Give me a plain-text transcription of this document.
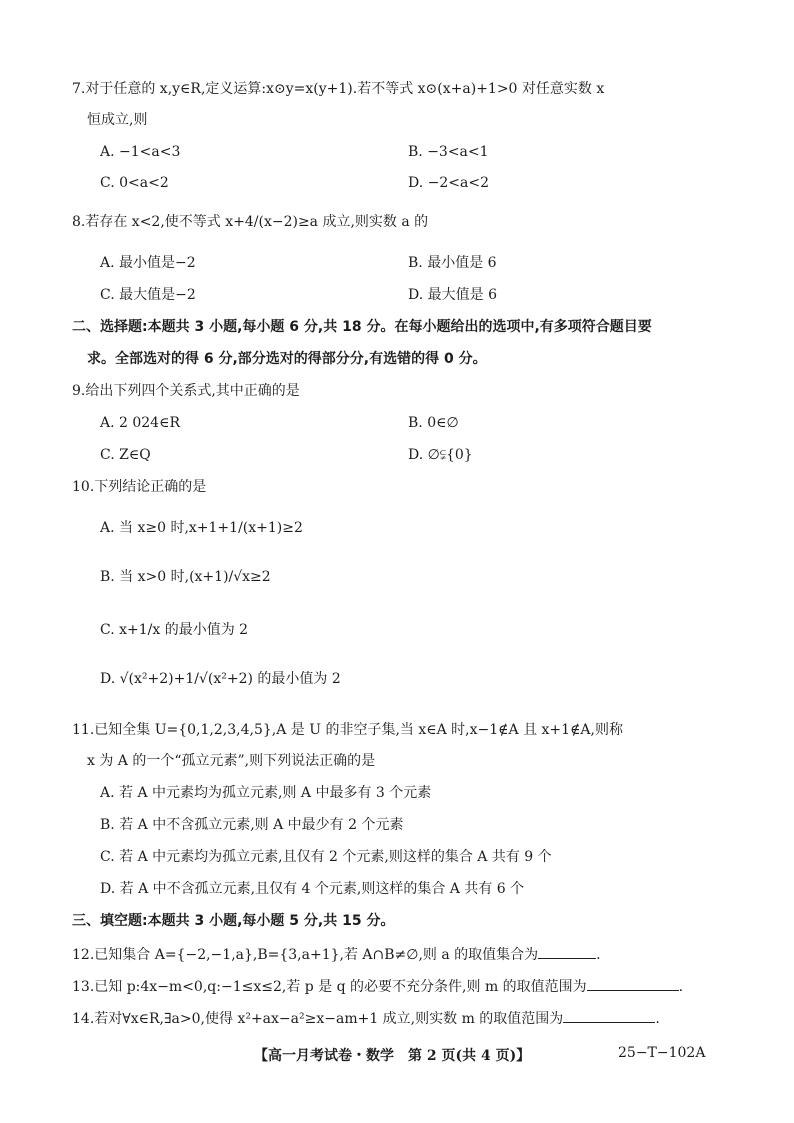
7.对于任意的 x,y∈R,定义运算:x⊙y=x(y+1).若不等式 x⊙(x+a)+1>0 对任意实数 x
恒成立,则
A. −1<a<3	B. −3<a<1
C. 0<a<2	D. −2<a<2
8.若存在 x<2,使不等式 x+4/(x−2)≥a 成立,则实数 a 的
A. 最小值是−2	B. 最小值是 6
C. 最大值是−2	D. 最大值是 6
二、选择题:本题共 3 小题,每小题 6 分,共 18 分。在每小题给出的选项中,有多项符合题目要
求。全部选对的得 6 分,部分选对的得部分分,有选错的得 0 分。
9.给出下列四个关系式,其中正确的是
A. 2 024∈R	B. 0∈∅
C. Z∈Q	D. ∅⫋{0}
10.下列结论正确的是
A. 当 x≥0 时,x+1+1/(x+1)≥2
B. 当 x>0 时,(x+1)/√x≥2
C. x+1/x 的最小值为 2
D. √(x²+2)+1/√(x²+2) 的最小值为 2
11.已知全集 U={0,1,2,3,4,5},A 是 U 的非空子集,当 x∈A 时,x−1∉A 且 x+1∉A,则称
x 为 A 的一个“孤立元素”,则下列说法正确的是
A. 若 A 中元素均为孤立元素,则 A 中最多有 3 个元素
B. 若 A 中不含孤立元素,则 A 中最少有 2 个元素
C. 若 A 中元素均为孤立元素,且仅有 2 个元素,则这样的集合 A 共有 9 个
D. 若 A 中不含孤立元素,且仅有 4 个元素,则这样的集合 A 共有 6 个
三、填空题:本题共 3 小题,每小题 5 分,共 15 分。
12.已知集合 A={−2,−1,a},B={3,a+1},若 A∩B≠∅,则 a 的取值集合为	.
13.已知 p:4x−m<0,q:−1≤x≤2,若 p 是 q 的必要不充分条件,则 m 的取值范围为	.
14.若对∀x∈R,∃a>0,使得 x²+ax−a²≥x−am+1 成立,则实数 m 的取值范围为	.
【高一月考试卷・数学　第 2 页(共 4 页)】	25−T−102A
